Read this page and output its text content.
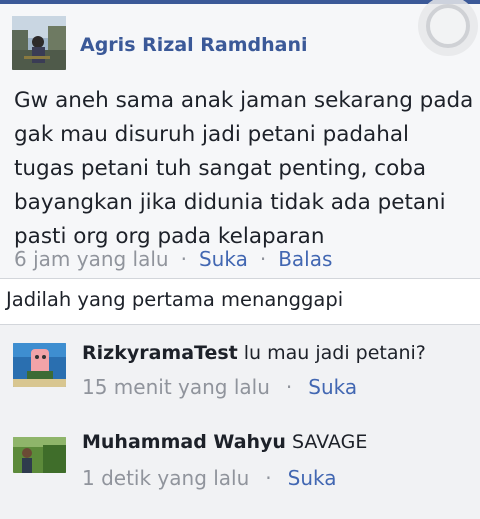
Agris Rizal Ramdhani
Gw aneh sama anak jaman sekarang pada gak mau disuruh jadi petani padahal tugas petani tuh sangat penting, coba bayangkan jika didunia tidak ada petani pasti org org pada kelaparan
6 jam yang lalu · Suka · Balas
Jadilah yang pertama menanggapi
RizkyramaTest lu mau jadi petani?
15 menit yang lalu · Suka
Muhammad Wahyu SAVAGE
1 detik yang lalu · Suka
